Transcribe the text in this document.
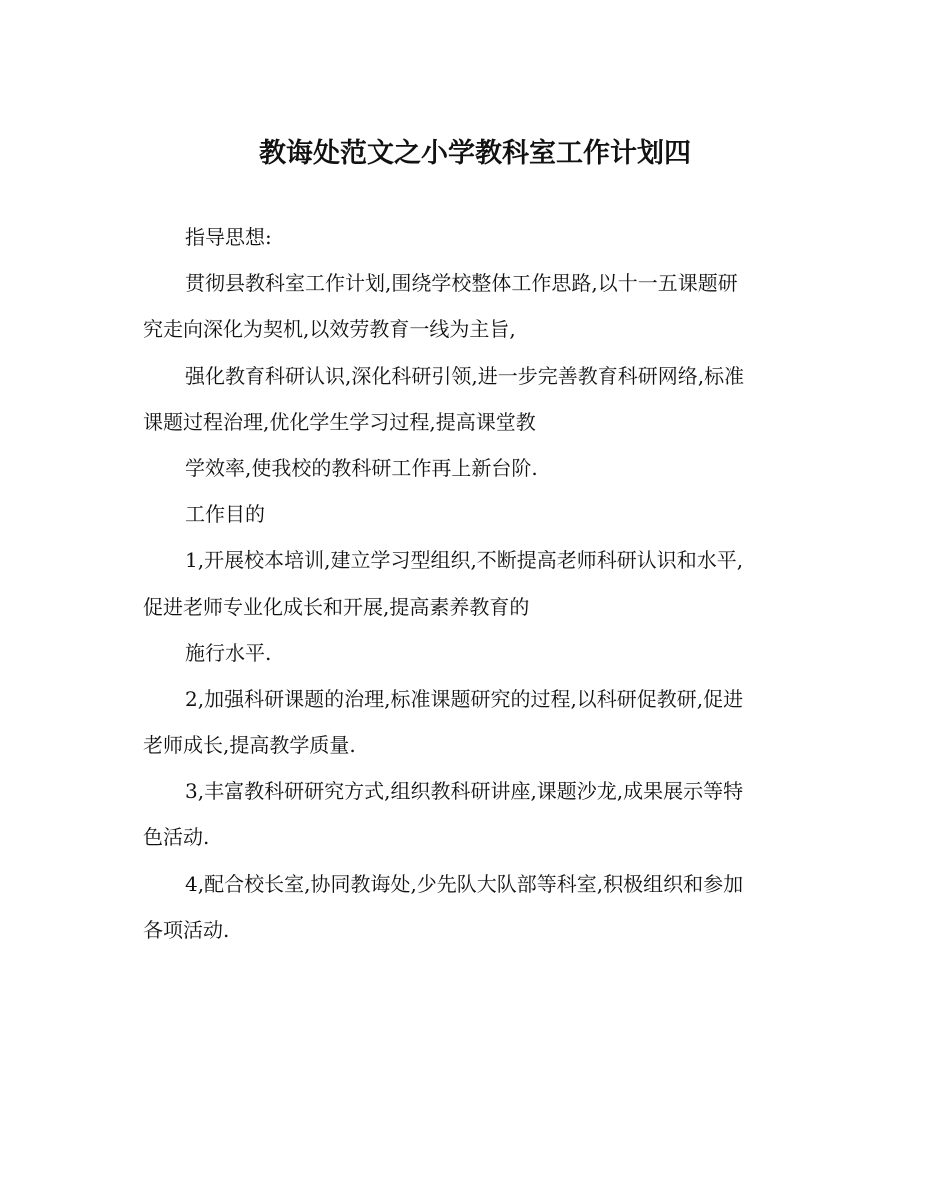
教诲处范文之小学教科室工作计划四
指导思想:
贯彻县教科室工作计划,围绕学校整体工作思路,以十一五课题研
究走向深化为契机,以效劳教育一线为主旨,
强化教育科研认识,深化科研引领,进一步完善教育科研网络,标准
课题过程治理,优化学生学习过程,提高课堂教
学效率,使我校的教科研工作再上新台阶.
工作目的
1,开展校本培训,建立学习型组织,不断提高老师科研认识和水平,
促进老师专业化成长和开展,提高素养教育的
施行水平.
2,加强科研课题的治理,标准课题研究的过程,以科研促教研,促进
老师成长,提高教学质量.
3,丰富教科研研究方式,组织教科研讲座,课题沙龙,成果展示等特
色活动.
4,配合校长室,协同教诲处,少先队大队部等科室,积极组织和参加
各项活动.
